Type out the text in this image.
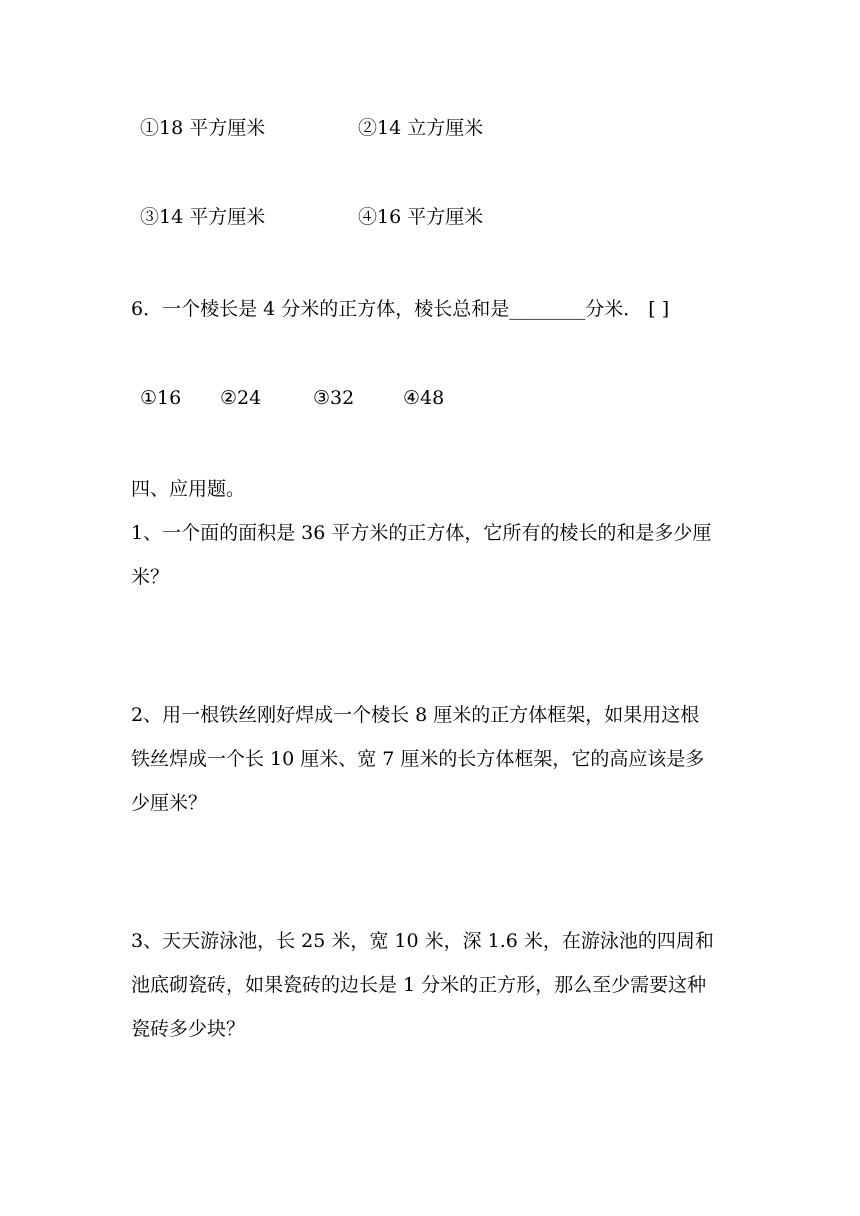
①18 平方厘米	②14 立方厘米
③14 平方厘米	④16 平方厘米
6．一个棱长是 4 分米的正方体，棱长总和是________分米． [ ]
①16 ②24	③32	④48
四、应用题。
1、一个面的面积是 36 平方米的正方体，它所有的棱长的和是多少厘
米？
2、用一根铁丝刚好焊成一个棱长 8 厘米的正方体框架，如果用这根
铁丝焊成一个长 10 厘米、宽 7 厘米的长方体框架，它的高应该是多
少厘米？
3、天天游泳池，长 25 米，宽 10 米，深 1.6 米，在游泳池的四周和
池底砌瓷砖，如果瓷砖的边长是 1 分米的正方形，那么至少需要这种
瓷砖多少块？
